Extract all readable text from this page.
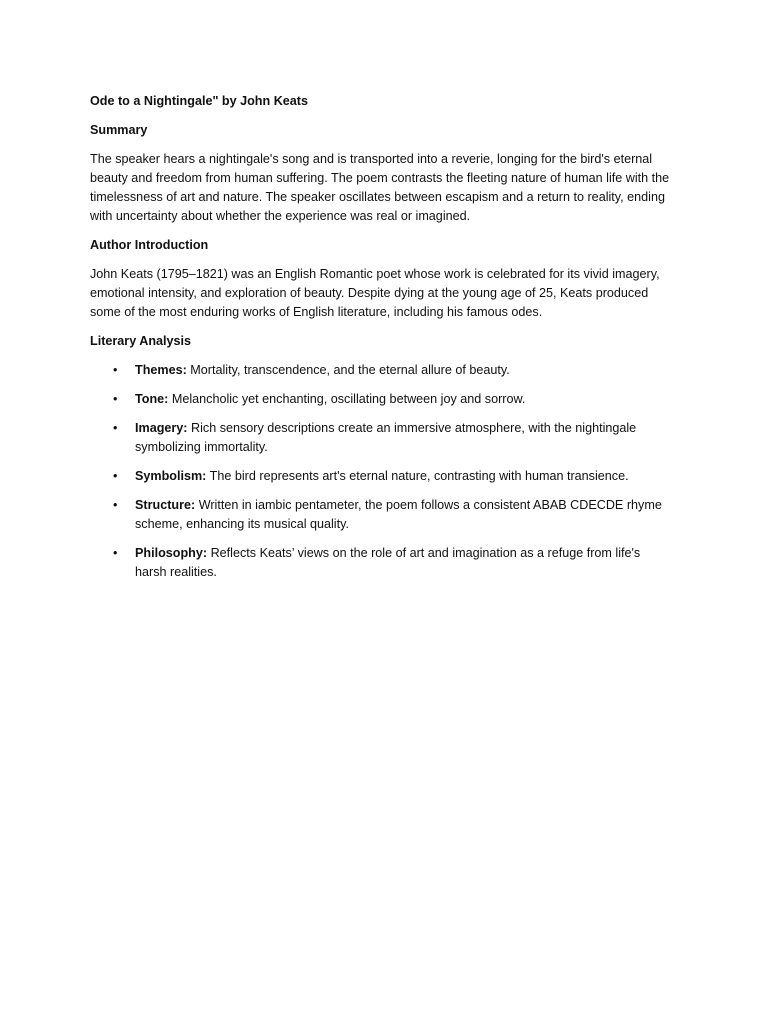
Ode to a Nightingale" by John Keats

Summary

The speaker hears a nightingale's song and is transported into a reverie, longing for the bird's eternal beauty and freedom from human suffering. The poem contrasts the fleeting nature of human life with the timelessness of art and nature. The speaker oscillates between escapism and a return to reality, ending with uncertainty about whether the experience was real or imagined.

Author Introduction

John Keats (1795–1821) was an English Romantic poet whose work is celebrated for its vivid imagery, emotional intensity, and exploration of beauty. Despite dying at the young age of 25, Keats produced some of the most enduring works of English literature, including his famous odes.

Literary Analysis

• Themes: Mortality, transcendence, and the eternal allure of beauty.
• Tone: Melancholic yet enchanting, oscillating between joy and sorrow.
• Imagery: Rich sensory descriptions create an immersive atmosphere, with the nightingale symbolizing immortality.
• Symbolism: The bird represents art's eternal nature, contrasting with human transience.
• Structure: Written in iambic pentameter, the poem follows a consistent ABAB CDECDE rhyme scheme, enhancing its musical quality.
• Philosophy: Reflects Keats’ views on the role of art and imagination as a refuge from life's harsh realities.
